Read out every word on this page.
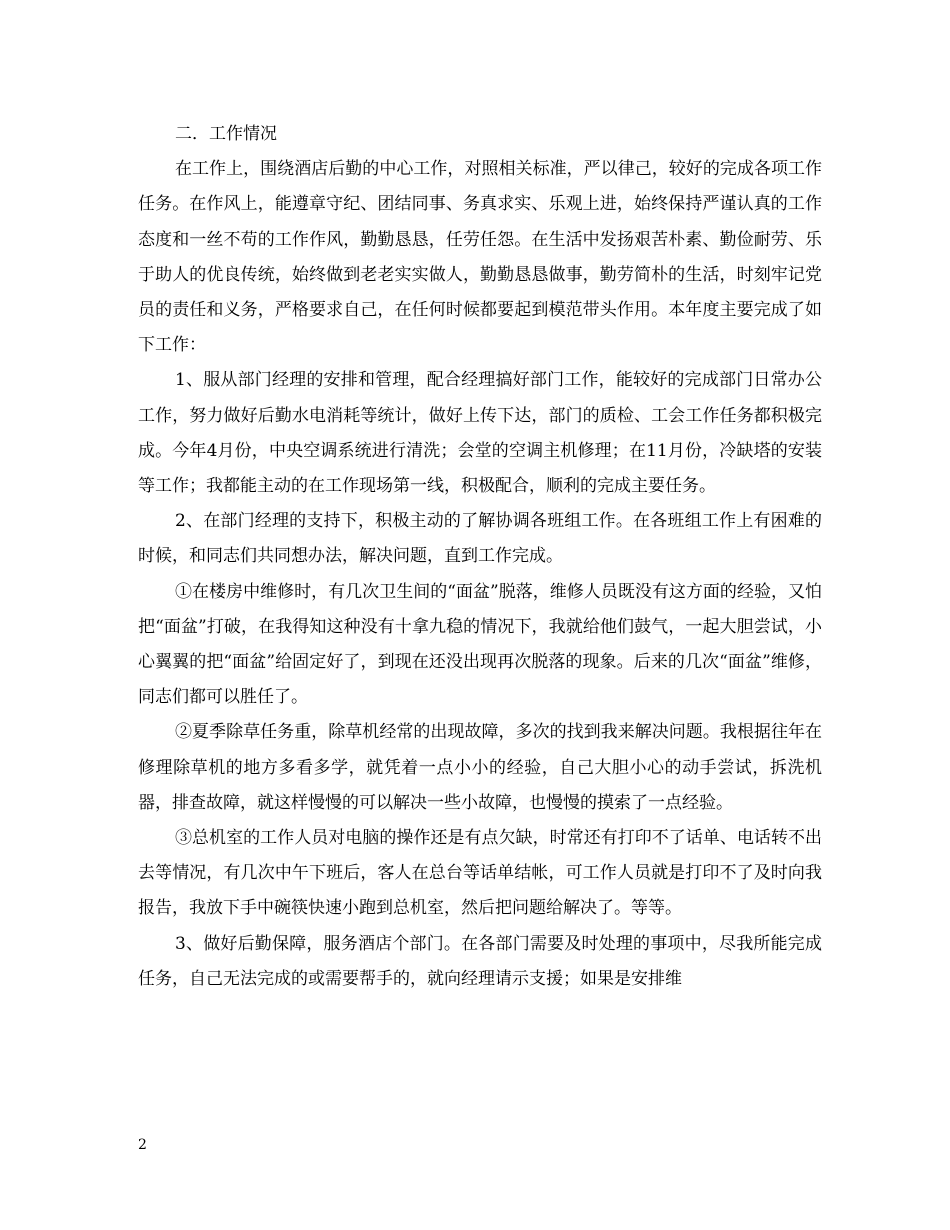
二．工作情况

在工作上，围绕酒店后勤的中心工作，对照相关标准，严以律己，较好的完成各项工作任务。在作风上，能遵章守纪、团结同事、务真求实、乐观上进，始终保持严谨认真的工作态度和一丝不苟的工作作风，勤勤恳恳，任劳任怨。在生活中发扬艰苦朴素、勤俭耐劳、乐于助人的优良传统，始终做到老老实实做人，勤勤恳恳做事，勤劳简朴的生活，时刻牢记党员的责任和义务，严格要求自己，在任何时候都要起到模范带头作用。本年度主要完成了如下工作：

1、服从部门经理的安排和管理，配合经理搞好部门工作，能较好的完成部门日常办公工作，努力做好后勤水电消耗等统计，做好上传下达，部门的质检、工会工作任务都积极完成。今年4月份，中央空调系统进行清洗；会堂的空调主机修理；在11月份，冷缺塔的安装等工作；我都能主动的在工作现场第一线，积极配合，顺利的完成主要任务。

2、在部门经理的支持下，积极主动的了解协调各班组工作。在各班组工作上有困难的时候，和同志们共同想办法，解决问题，直到工作完成。

①在楼房中维修时，有几次卫生间的“面盆”脱落，维修人员既没有这方面的经验，又怕把“面盆”打破，在我得知这种没有十拿九稳的情况下，我就给他们鼓气，一起大胆尝试，小心翼翼的把“面盆”给固定好了，到现在还没出现再次脱落的现象。后来的几次“面盆”维修，同志们都可以胜任了。

②夏季除草任务重，除草机经常的出现故障，多次的找到我来解决问题。我根据往年在修理除草机的地方多看多学，就凭着一点小小的经验，自己大胆小心的动手尝试，拆洗机器，排查故障，就这样慢慢的可以解决一些小故障，也慢慢的摸索了一点经验。

③总机室的工作人员对电脑的操作还是有点欠缺，时常还有打印不了话单、电话转不出去等情况，有几次中午下班后，客人在总台等话单结帐，可工作人员就是打印不了及时向我报告，我放下手中碗筷快速小跑到总机室，然后把问题给解决了。等等。

3、做好后勤保障，服务酒店个部门。在各部门需要及时处理的事项中，尽我所能完成任务，自己无法完成的或需要帮手的，就向经理请示支援；如果是安排维

2
